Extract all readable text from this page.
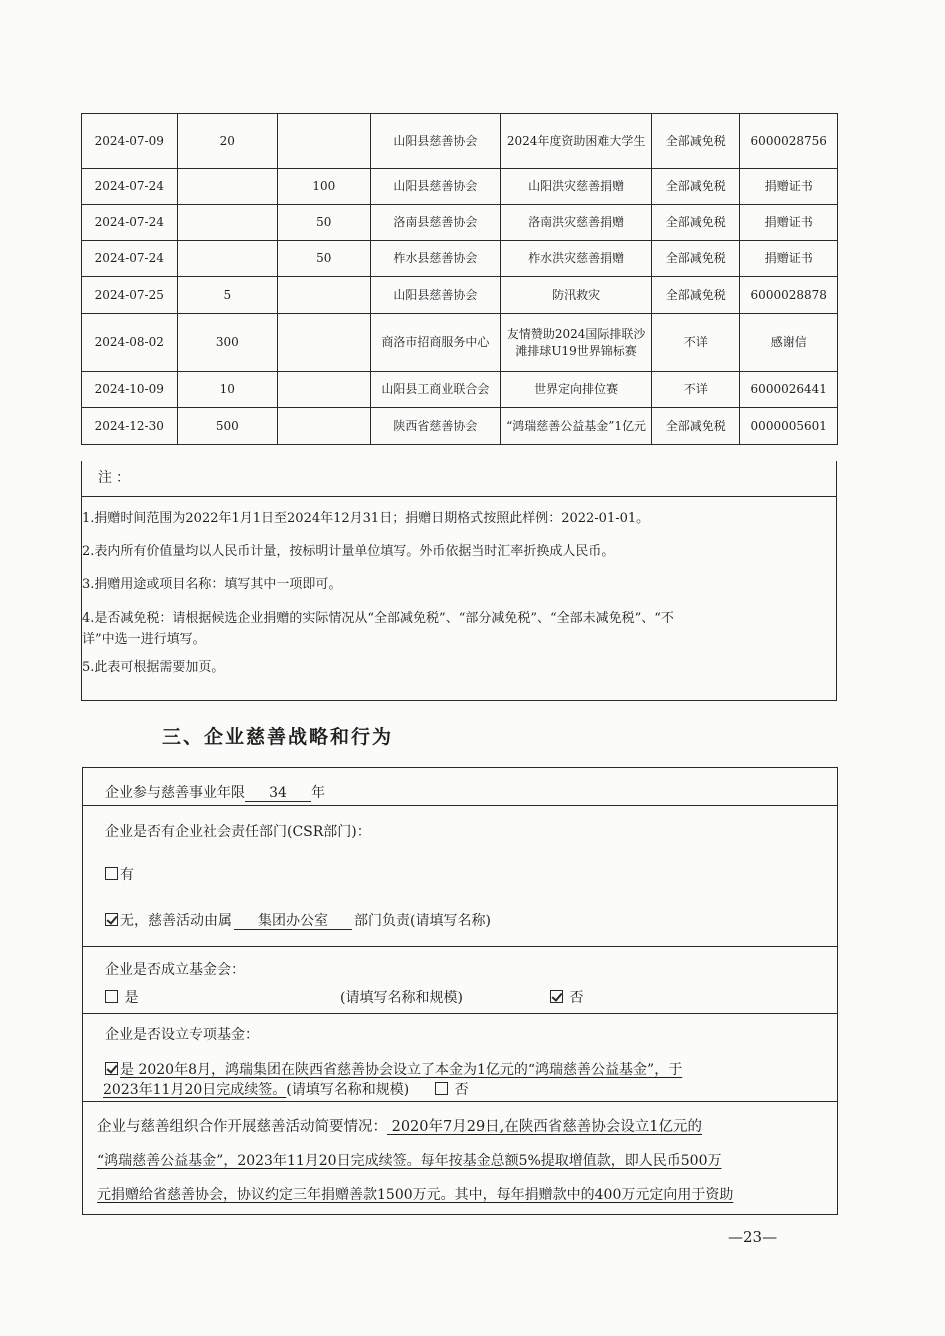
2024-07-09	20		山阳县慈善协会	2024年度资助困难大学生	全部减免税	6000028756
2024-07-24		100	山阳县慈善协会	山阳洪灾慈善捐赠	全部减免税	捐赠证书
2024-07-24		50	洛南县慈善协会	洛南洪灾慈善捐赠	全部减免税	捐赠证书
2024-07-24		50	柞水县慈善协会	柞水洪灾慈善捐赠	全部减免税	捐赠证书
2024-07-25	5		山阳县慈善协会	防汛救灾	全部减免税	6000028878
2024-08-02	300		商洛市招商服务中心	友情赞助2024国际排联沙滩排球U19世界锦标赛	不详	感谢信
2024-10-09	10		山阳县工商业联合会	世界定向排位赛	不详	6000026441
2024-12-30	500		陕西省慈善协会	“鸿瑞慈善公益基金”1亿元	全部减免税	0000005601
注：
1.捐赠时间范围为2022年1月1日至2024年12月31日；捐赠日期格式按照此样例：2022-01-01。
2.表内所有价值量均以人民币计量，按标明计量单位填写。外币依据当时汇率折换成人民币。
3.捐赠用途或项目名称：填写其中一项即可。
4.是否减免税：请根据候选企业捐赠的实际情况从“全部减免税”、“部分减免税”、“全部未减免税”、“不
详”中选一进行填写。
5.此表可根据需要加页。
三、企业慈善战略和行为
企业参与慈善事业年限 34 年
企业是否有企业社会责任部门(CSR部门)：
有
无，慈善活动由属 集团办公室 部门负责(请填写名称)
企业是否成立基金会：
是	(请填写名称和规模)	否
企业是否设立专项基金：
是 2020年8月，鸿瑞集团在陕西省慈善协会设立了本金为1亿元的“鸿瑞慈善公益基金”，于
2023年11月20日完成续签。(请填写名称和规模)	否
企业与慈善组织合作开展慈善活动简要情况： 2020年7月29日,在陕西省慈善协会设立1亿元的
“鸿瑞慈善公益基金”，2023年11月20日完成续签。每年按基金总额5%提取增值款，即人民币500万
元捐赠给省慈善协会，协议约定三年捐赠善款1500万元。其中，每年捐赠款中的400万元定向用于资助
—23—
